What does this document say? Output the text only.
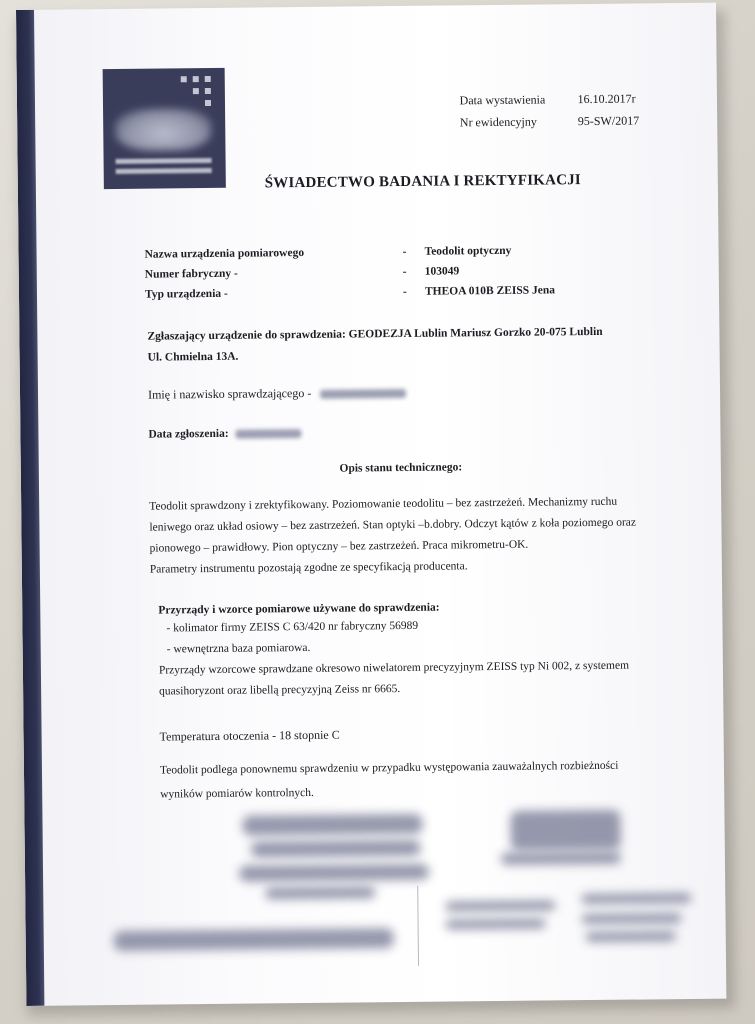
Data wystawienia	16.10.2017r
Nr ewidencyjny	95-SW/2017
ŚWIADECTWO BADANIA I REKTYFIKACJI
Nazwa urządzenia pomiarowego	-	Teodolit optyczny
Numer fabryczny -	-	103049
Typ urządzenia -	-	THEOA 010B ZEISS Jena
Zgłaszający urządzenie do sprawdzenia: GEODEZJA Lublin Mariusz Gorzko 20-075 Lublin
Ul. Chmielna 13A.
Imię i nazwisko sprawdzającego -
Data zgłoszenia:
Opis stanu technicznego:
Teodolit sprawdzony i zrektyfikowany. Poziomowanie teodolitu – bez zastrzeżeń. Mechanizmy ruchu
leniwego oraz układ osiowy – bez zastrzeżeń. Stan optyki –b.dobry. Odczyt kątów z koła poziomego oraz
pionowego – prawidłowy. Pion optyczny – bez zastrzeżeń. Praca mikrometru-OK.
Parametry instrumentu pozostają zgodne ze specyfikacją producenta.
Przyrządy i wzorce pomiarowe używane do sprawdzenia:
- kolimator firmy ZEISS C 63/420 nr fabryczny 56989
- wewnętrzna baza pomiarowa.
Przyrządy wzorcowe sprawdzane okresowo niwelatorem precyzyjnym ZEISS typ Ni 002, z systemem
quasihoryzont oraz libellą precyzyjną Zeiss nr 6665.
Temperatura otoczenia - 18 stopnie C
Teodolit podlega ponownemu sprawdzeniu w przypadku występowania zauważalnych rozbieżności
wyników pomiarów kontrolnych.
